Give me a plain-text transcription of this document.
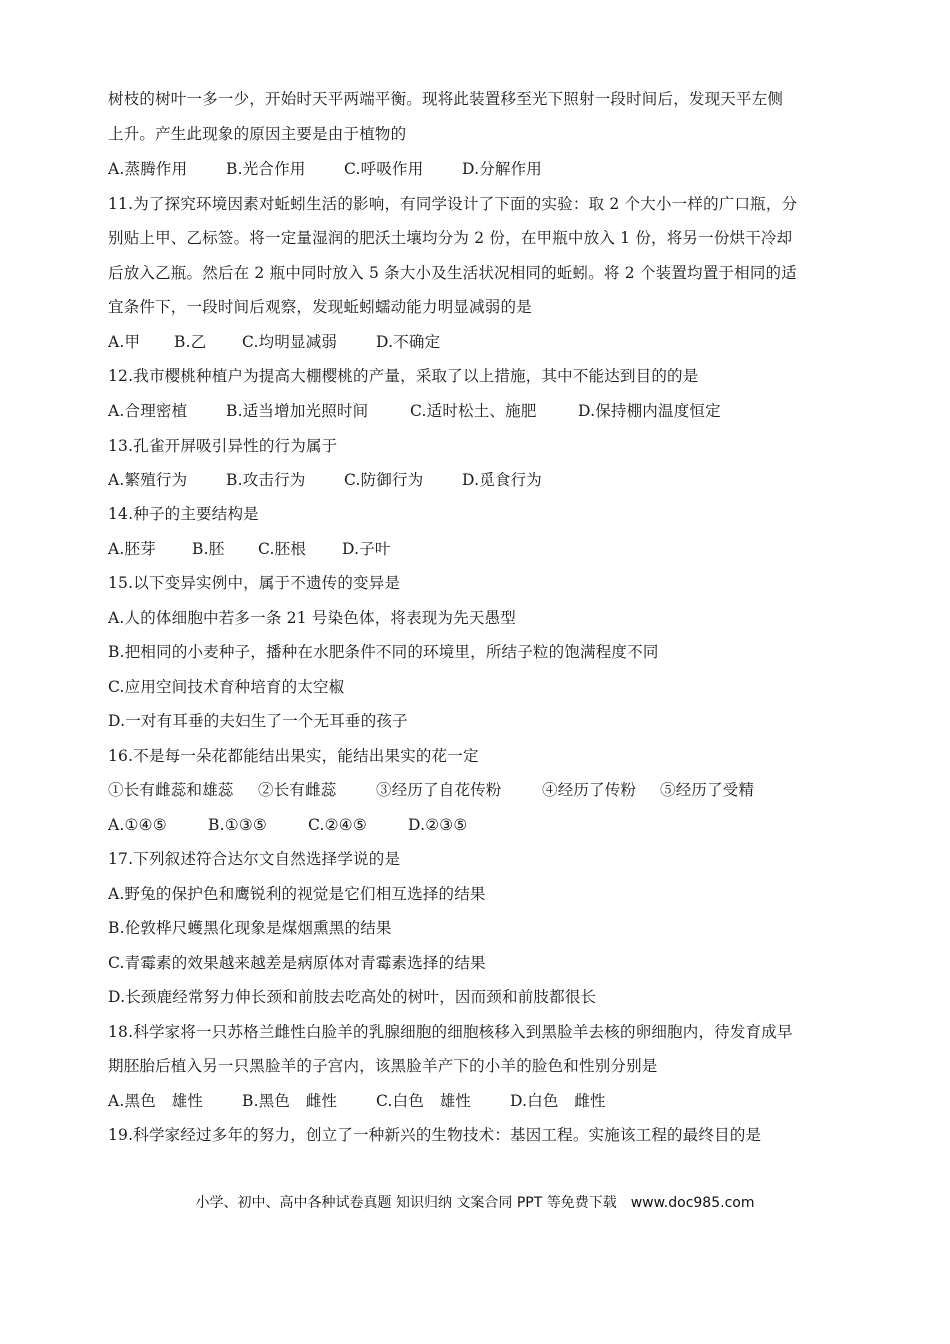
树枝的树叶一多一少，开始时天平两端平衡。现将此装置移至光下照射一段时间后，发现天平左侧
上升。产生此现象的原因主要是由于植物的
A.蒸腾作用 B.光合作用 C.呼吸作用 D.分解作用
11.为了探究环境因素对蚯蚓生活的影响，有同学设计了下面的实验：取 2 个大小一样的广口瓶，分
别贴上甲、乙标签。将一定量湿润的肥沃土壤均分为 2 份，在甲瓶中放入 1 份，将另一份烘干冷却
后放入乙瓶。然后在 2 瓶中同时放入 5 条大小及生活状况相同的蚯蚓。将 2 个装置均置于相同的适
宜条件下，一段时间后观察，发现蚯蚓蠕动能力明显减弱的是
A.甲 B.乙 C.均明显减弱	D.不确定
12.我市樱桃种植户为提高大棚樱桃的产量，采取了以上措施，其中不能达到目的的是
A.合理密植 B.适当增加光照时间	C.适时松土、施肥	D.保持棚内温度恒定
13.孔雀开屏吸引异性的行为属于
A.繁殖行为 B.攻击行为 C.防御行为 D.觅食行为
14.种子的主要结构是
A.胚芽 B.胚 C.胚根 D.子叶
15.以下变异实例中，属于不遗传的变异是
A.人的体细胞中若多一条 21 号染色体，将表现为先天愚型
B.把相同的小麦种子，播种在水肥条件不同的环境里，所结子粒的饱满程度不同
C.应用空间技术育种培育的太空椒
D.一对有耳垂的夫妇生了一个无耳垂的孩子
16.不是每一朵花都能结出果实，能结出果实的花一定
①长有雌蕊和雄蕊 ②长有雌蕊	③经历了自花传粉	④经历了传粉 ⑤经历了受精
A.①④⑤	B.①③⑤	C.②④⑤	D.②③⑤
17.下列叙述符合达尔文自然选择学说的是
A.野兔的保护色和鹰锐利的视觉是它们相互选择的结果
B.伦敦桦尺蠖黑化现象是煤烟熏黑的结果
C.青霉素的效果越来越差是病原体对青霉素选择的结果
D.长颈鹿经常努力伸长颈和前肢去吃高处的树叶，因而颈和前肢都很长
18.科学家将一只苏格兰雌性白脸羊的乳腺细胞的细胞核移入到黑脸羊去核的卵细胞内，待发育成早
期胚胎后植入另一只黑脸羊的子宫内，该黑脸羊产下的小羊的脸色和性别分别是
A.黑色　雄性	B.黑色　雌性	C.白色　雄性	D.白色　雌性
19.科学家经过多年的努力，创立了一种新兴的生物技术：基因工程。实施该工程的最终目的是
小学、初中、高中各种试卷真题 知识归纳 文案合同 PPT 等免费下载　www.doc985.com
